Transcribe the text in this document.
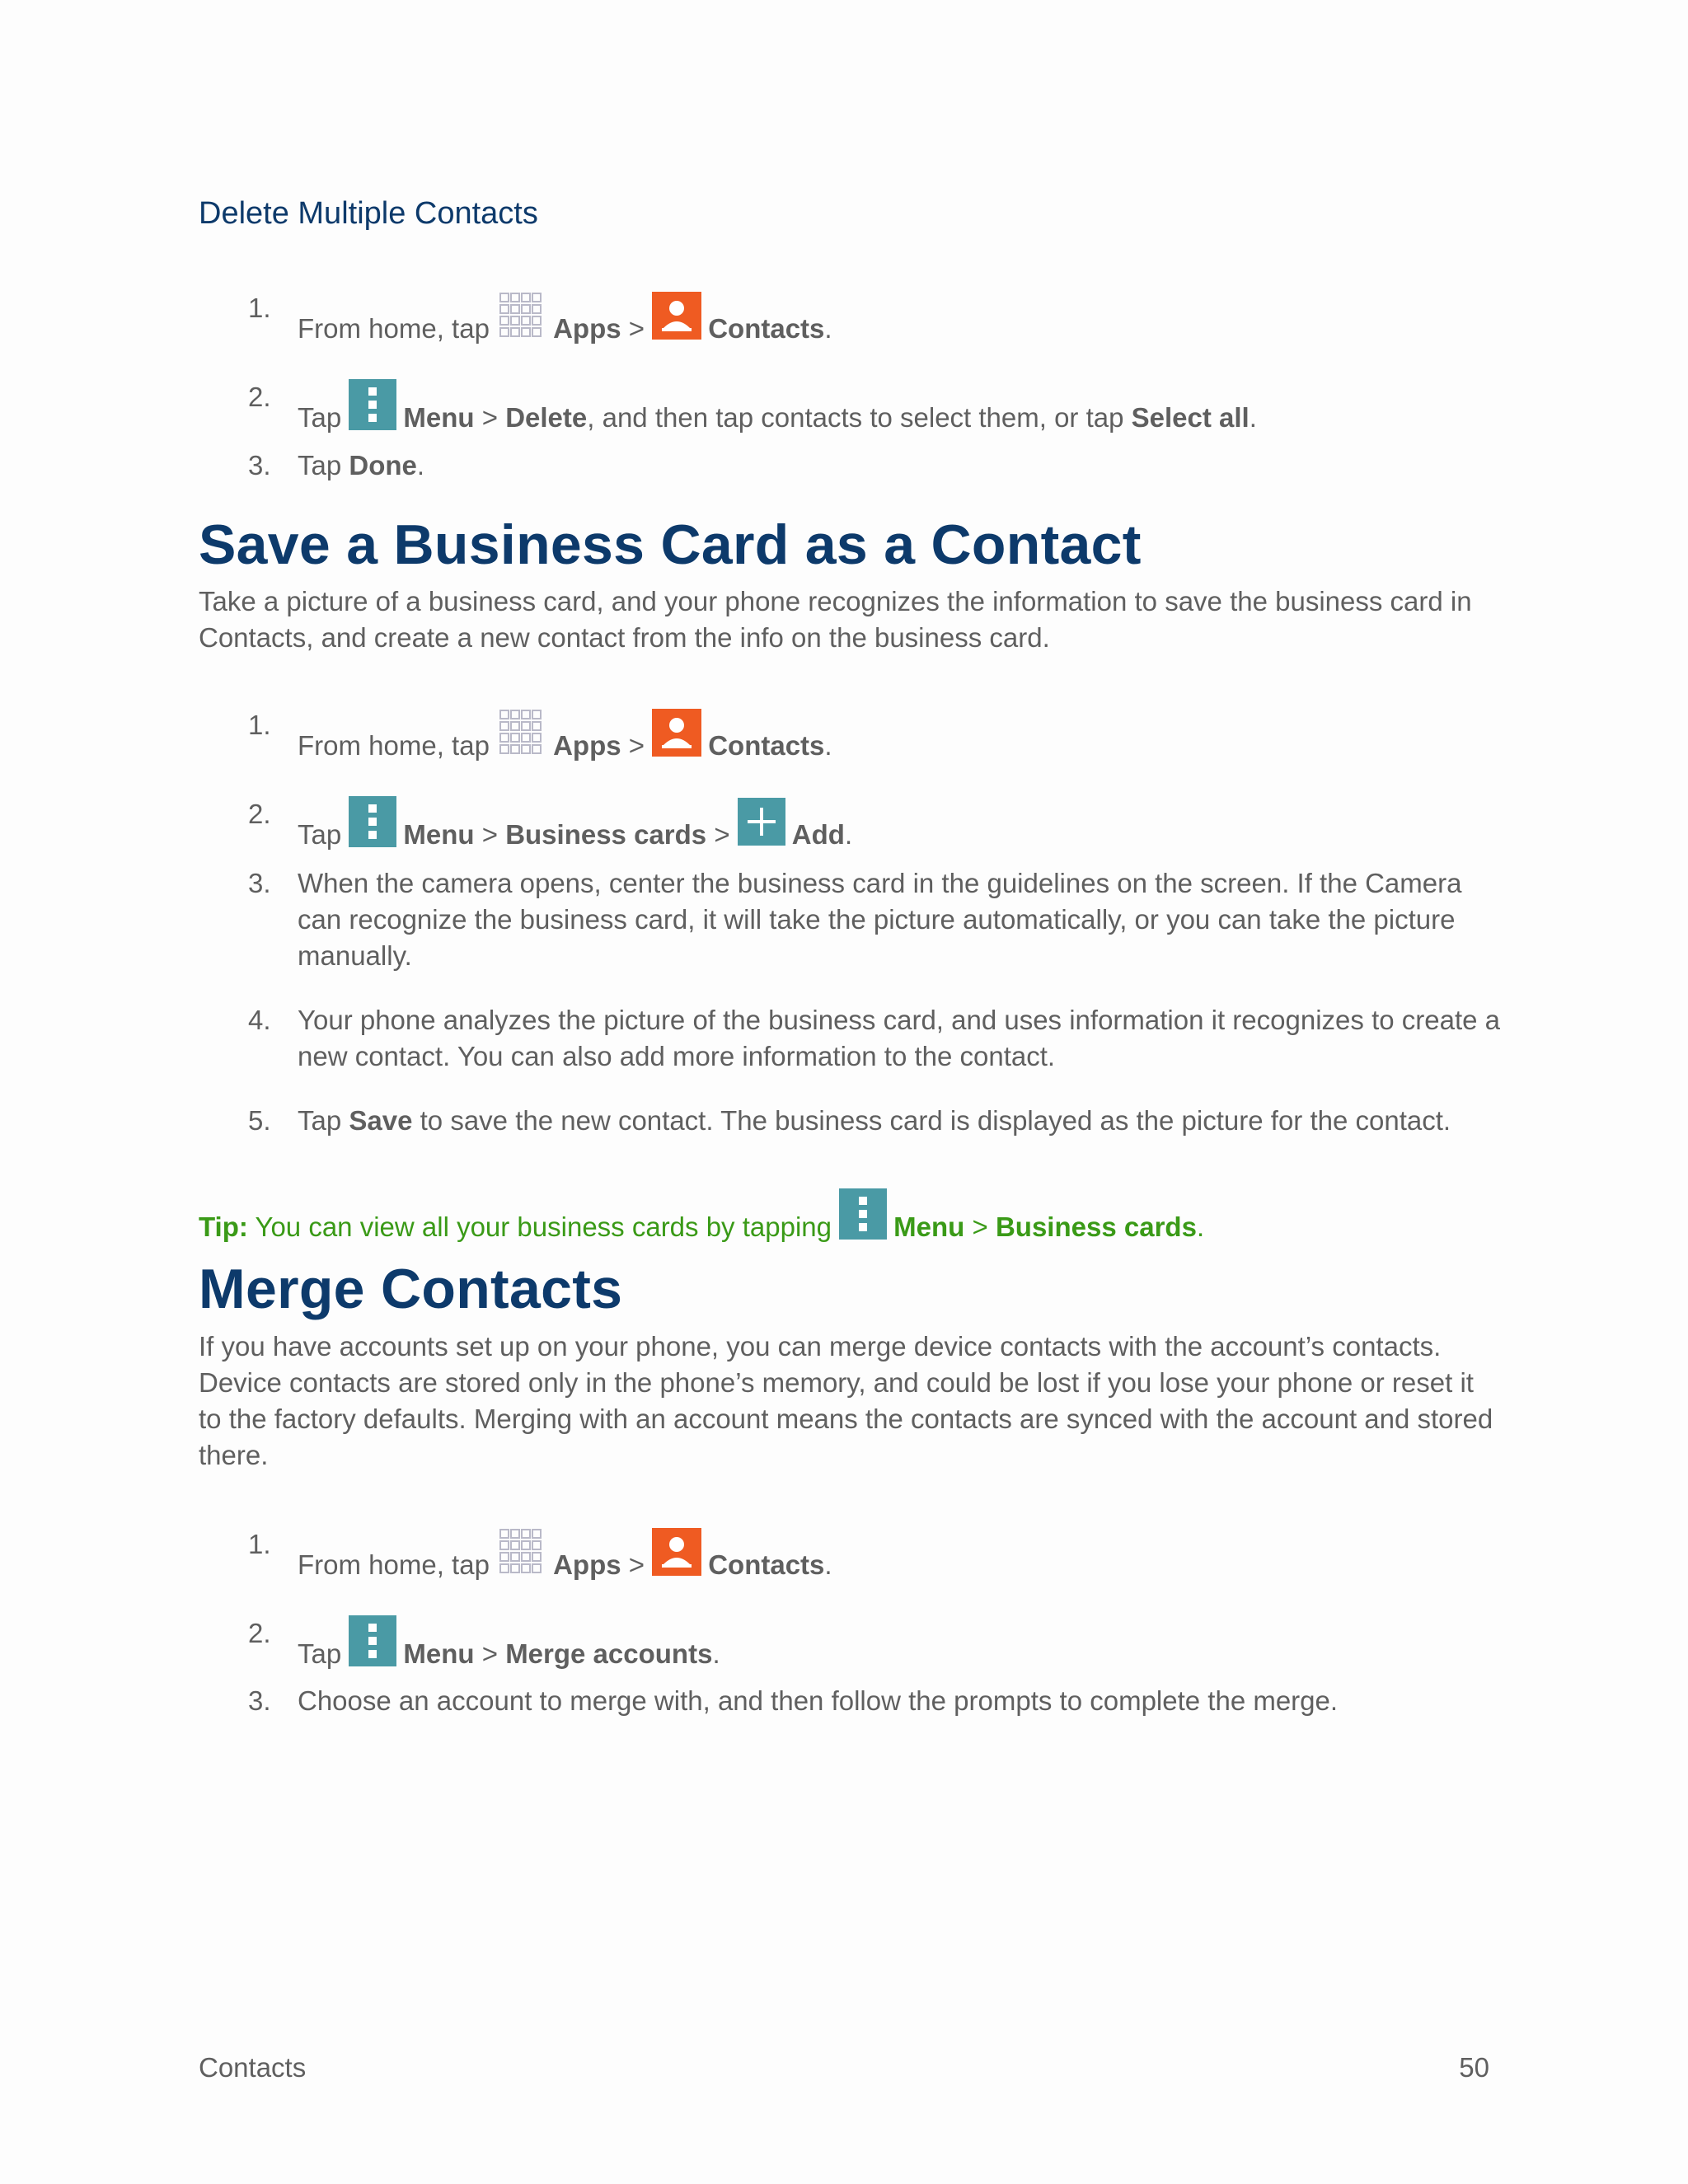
Delete Multiple Contacts
1.
From home, tap Apps > Contacts.
2.
Tap Menu > Delete, and then tap contacts to select them, or tap Select all.
3. Tap Done.
Save a Business Card as a Contact

Take a picture of a business card, and your phone recognizes the information to save the business card in Contacts, and create a new contact from the info on the business card.

1.
From home, tap Apps > Contacts.
2.
Tap Menu > Business cards > Add.
3. When the camera opens, center the business card in the guidelines on the screen. If the Camera can recognize the business card, it will take the picture automatically, or you can take the picture manually.
4. Your phone analyzes the picture of the business card, and uses information it recognizes to create a new contact. You can also add more information to the contact.
5. Tap Save to save the new contact. The business card is displayed as the picture for the contact.
Tip: You can view all your business cards by tapping Menu > Business cards.
Merge Contacts

If you have accounts set up on your phone, you can merge device contacts with the account’s contacts. Device contacts are stored only in the phone’s memory, and could be lost if you lose your phone or reset it to the factory defaults. Merging with an account means the contacts are synced with the account and stored there.

1.
From home, tap Apps > Contacts.
2.
Tap Menu > Merge accounts.
3. Choose an account to merge with, and then follow the prompts to complete the merge.
Contacts	50
